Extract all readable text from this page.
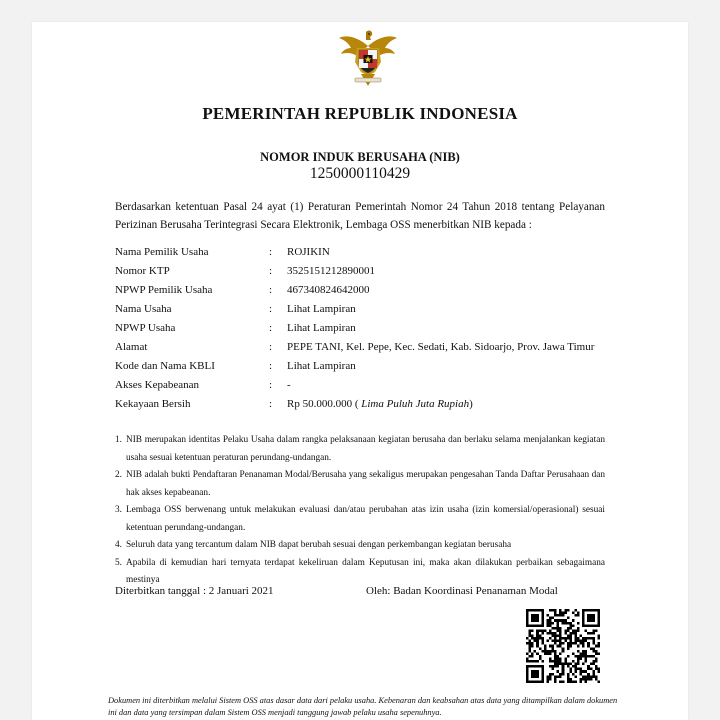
PEMERINTAH REPUBLIK INDONESIA
NOMOR INDUK BERUSAHA (NIB)
1250000110429
Berdasarkan ketentuan Pasal 24 ayat (1) Peraturan Pemerintah Nomor 24 Tahun 2018 tentang Pelayanan Perizinan Berusaha Terintegrasi Secara Elektronik, Lembaga OSS menerbitkan NIB kepada :
Nama Pemilik Usaha	: ROJIKIN
Nomor KTP	: 3525151212890001
NPWP Pemilik Usaha	: 467340824642000
Nama Usaha	: Lihat Lampiran
NPWP Usaha	: Lihat Lampiran
Alamat	: PEPE TANI, Kel. Pepe, Kec. Sedati, Kab. Sidoarjo, Prov. Jawa Timur
Kode dan Nama KBLI	: Lihat Lampiran
Akses Kepabeanan	: -
Kekayaan Bersih	: Rp 50.000.000 ( Lima Puluh Juta Rupiah)
1. NIB merupakan identitas Pelaku Usaha dalam rangka pelaksanaan kegiatan berusaha dan berlaku selama menjalankan kegiatan usaha sesuai ketentuan peraturan perundang-undangan.
2. NIB adalah bukti Pendaftaran Penanaman Modal/Berusaha yang sekaligus merupakan pengesahan Tanda Daftar Perusahaan dan hak akses kepabeanan.
3. Lembaga OSS berwenang untuk melakukan evaluasi dan/atau perubahan atas izin usaha (izin komersial/operasional) sesuai ketentuan perundang-undangan.
4. Seluruh data yang tercantum dalam NIB dapat berubah sesuai dengan perkembangan kegiatan berusaha
5. Apabila di kemudian hari ternyata terdapat kekeliruan dalam Keputusan ini, maka akan dilakukan perbaikan sebagaimana mestinya
Diterbitkan tanggal : 2 Januari 2021	Oleh: Badan Koordinasi Penanaman Modal
Dokumen ini diterbitkan melalui Sistem OSS atas dasar data dari pelaku usaha. Kebenaran dan keabsahan atas data yang ditampilkan dalam dokumen ini dan data yang tersimpan dalam Sistem OSS menjadi tanggung jawab pelaku usaha sepenuhnya.
